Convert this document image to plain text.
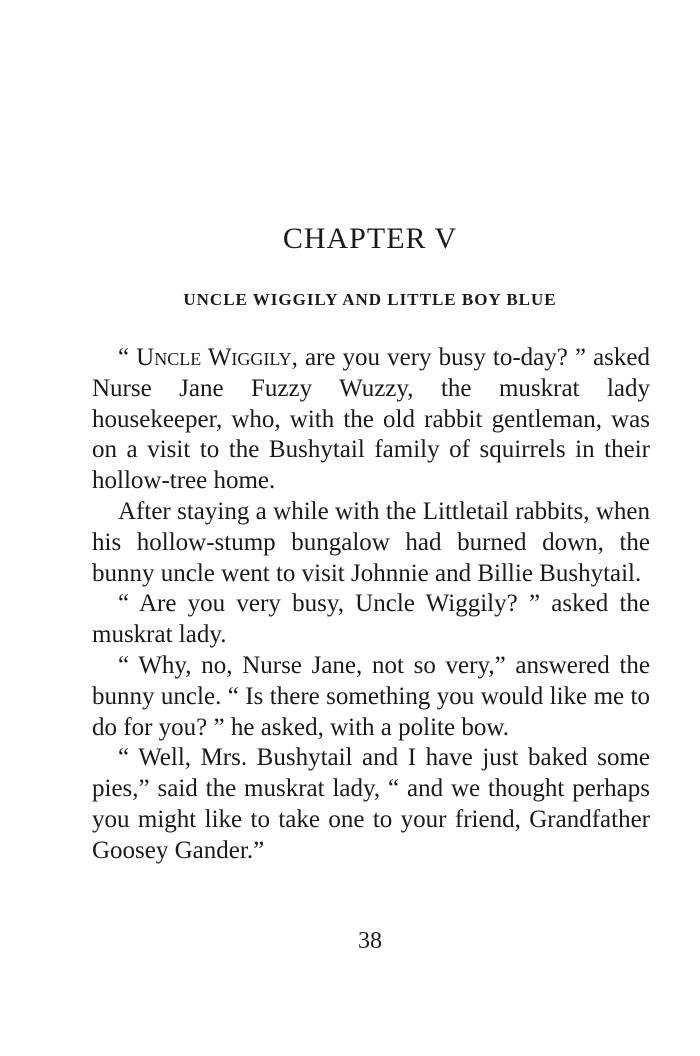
CHAPTER V
UNCLE WIGGILY AND LITTLE BOY BLUE

“ Uncle Wiggily, are you very busy to-day? ” asked Nurse Jane Fuzzy Wuzzy, the muskrat lady housekeeper, who, with the old rabbit gentleman, was on a visit to the Bushytail family of squirrels in their hollow-tree home.

After staying a while with the Littletail rabbits, when his hollow-stump bungalow had burned down, the bunny uncle went to visit Johnnie and Billie Bushytail.

“ Are you very busy, Uncle Wiggily? ” asked the muskrat lady.

“ Why, no, Nurse Jane, not so very,” answered the bunny uncle. “ Is there something you would like me to do for you? ” he asked, with a polite bow.

“ Well, Mrs. Bushytail and I have just baked some pies,” said the muskrat lady, “ and we thought perhaps you might like to take one to your friend, Grandfather Goosey Gander.”

38
